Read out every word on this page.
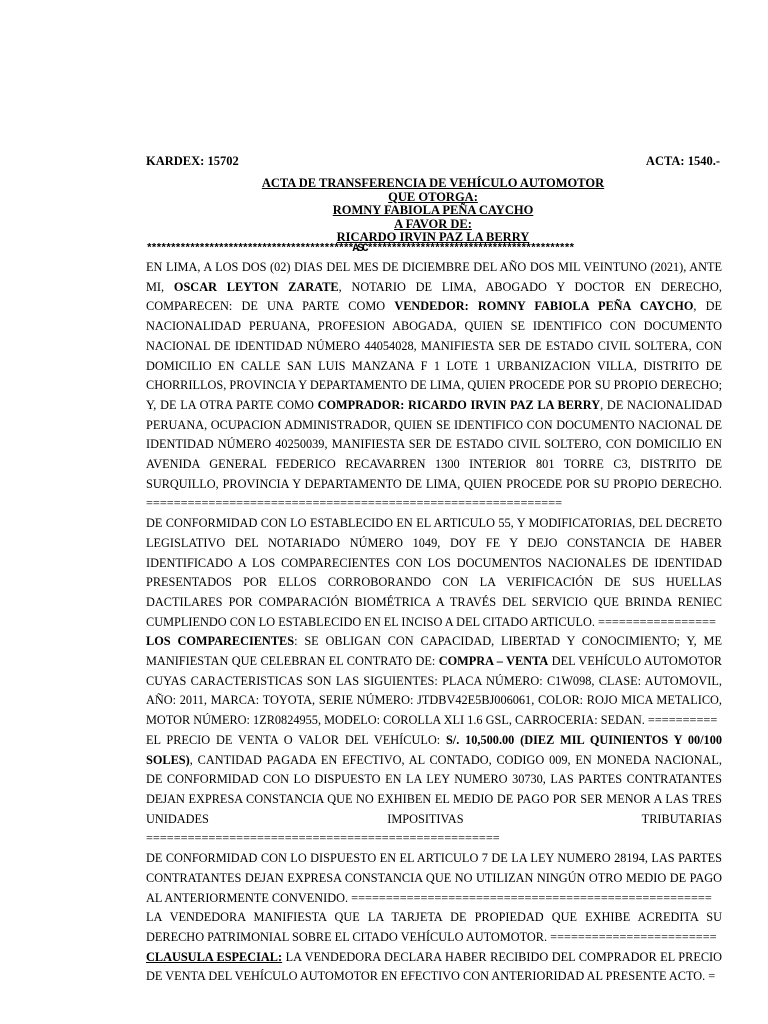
KARDEX: 15702	ACTA: 1540.-
ACTA DE TRANSFERENCIA DE VEHÍCULO AUTOMOTOR
QUE OTORGA:
ROMNY FABIOLA PEÑA CAYCHO
A FAVOR DE:
RICARDO IRVIN PAZ LA BERRY
*******************************************ASC*******************************************

EN LIMA, A LOS DOS (02) DIAS DEL MES DE DICIEMBRE DEL AÑO DOS MIL VEINTUNO (2021), ANTE MI, OSCAR LEYTON ZARATE, NOTARIO DE LIMA, ABOGADO Y DOCTOR EN DERECHO, COMPARECEN: DE UNA PARTE COMO VENDEDOR: ROMNY FABIOLA PEÑA CAYCHO, DE NACIONALIDAD PERUANA, PROFESION ABOGADA, QUIEN SE IDENTIFICO CON DOCUMENTO NACIONAL DE IDENTIDAD NÚMERO 44054028, MANIFIESTA SER DE ESTADO CIVIL SOLTERA, CON DOMICILIO EN CALLE SAN LUIS MANZANA F 1 LOTE 1 URBANIZACION VILLA, DISTRITO DE CHORRILLOS, PROVINCIA Y DEPARTAMENTO DE LIMA, QUIEN PROCEDE POR SU PROPIO DERECHO; Y, DE LA OTRA PARTE COMO COMPRADOR: RICARDO IRVIN PAZ LA BERRY, DE NACIONALIDAD PERUANA, OCUPACION ADMINISTRADOR, QUIEN SE IDENTIFICO CON DOCUMENTO NACIONAL DE IDENTIDAD NÚMERO 40250039, MANIFIESTA SER DE ESTADO CIVIL SOLTERO, CON DOMICILIO EN AVENIDA GENERAL FEDERICO RECAVARREN 1300 INTERIOR 801 TORRE C3, DISTRITO DE SURQUILLO, PROVINCIA Y DEPARTAMENTO DE LIMA, QUIEN PROCEDE POR SU PROPIO DERECHO. ============================================================

DE CONFORMIDAD CON LO ESTABLECIDO EN EL ARTICULO 55, Y MODIFICATORIAS, DEL DECRETO LEGISLATIVO DEL NOTARIADO NÚMERO 1049, DOY FE Y DEJO CONSTANCIA DE HABER IDENTIFICADO A LOS COMPARECIENTES CON LOS DOCUMENTOS NACIONALES DE IDENTIDAD PRESENTADOS POR ELLOS CORROBORANDO CON LA VERIFICACIÓN DE SUS HUELLAS DACTILARES POR COMPARACIÓN BIOMÉTRICA A TRAVÉS DEL SERVICIO QUE BRINDA RENIEC CUMPLIENDO CON LO ESTABLECIDO EN EL INCISO A DEL CITADO ARTICULO. =================

LOS COMPARECIENTES: SE OBLIGAN CON CAPACIDAD, LIBERTAD Y CONOCIMIENTO; Y, ME MANIFIESTAN QUE CELEBRAN EL CONTRATO DE: COMPRA – VENTA DEL VEHÍCULO AUTOMOTOR CUYAS CARACTERISTICAS SON LAS SIGUIENTES: PLACA NÚMERO: C1W098, CLASE: AUTOMOVIL, AÑO: 2011, MARCA: TOYOTA, SERIE NÚMERO: JTDBV42E5BJ006061, COLOR: ROJO MICA METALICO, MOTOR NÚMERO: 1ZR0824955, MODELO: COROLLA XLI 1.6 GSL, CARROCERIA: SEDAN. ==========

EL PRECIO DE VENTA O VALOR DEL VEHÍCULO: S/. 10,500.00 (DIEZ MIL QUINIENTOS Y 00/100 SOLES), CANTIDAD PAGADA EN EFECTIVO, AL CONTADO, CODIGO 009, EN MONEDA NACIONAL, DE CONFORMIDAD CON LO DISPUESTO EN LA LEY NUMERO 30730, LAS PARTES CONTRATANTES DEJAN EXPRESA CONSTANCIA QUE NO EXHIBEN EL MEDIO DE PAGO POR SER MENOR A LAS TRES UNIDADES IMPOSITIVAS TRIBUTARIAS ===================================================

DE CONFORMIDAD CON LO DISPUESTO EN EL ARTICULO 7 DE LA LEY NUMERO 28194, LAS PARTES CONTRATANTES DEJAN EXPRESA CONSTANCIA QUE NO UTILIZAN NINGÚN OTRO MEDIO DE PAGO AL ANTERIORMENTE CONVENIDO. ====================================================

LA VENDEDORA MANIFIESTA QUE LA TARJETA DE PROPIEDAD QUE EXHIBE ACREDITA SU DERECHO PATRIMONIAL SOBRE EL CITADO VEHÍCULO AUTOMOTOR. ========================

CLAUSULA ESPECIAL: LA VENDEDORA DECLARA HABER RECIBIDO DEL COMPRADOR EL PRECIO DE VENTA DEL VEHÍCULO AUTOMOTOR EN EFECTIVO CON ANTERIORIDAD AL PRESENTE ACTO. =
